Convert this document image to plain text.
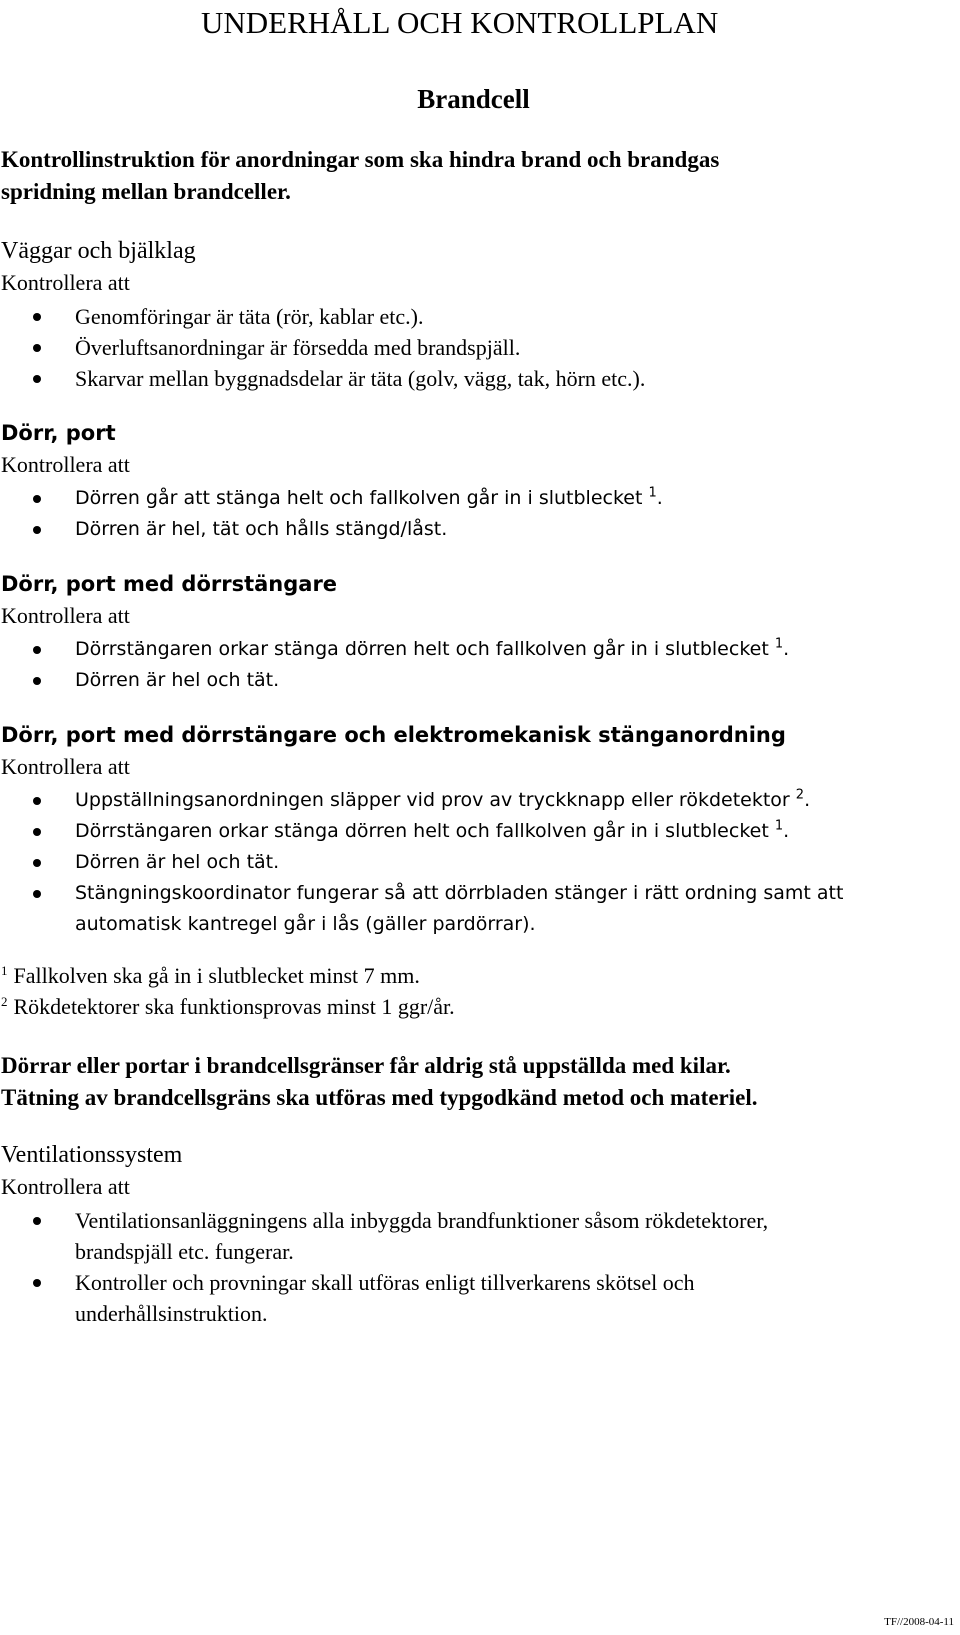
UNDERHÅLL OCH KONTROLLPLAN
Brandcell
Kontrollinstruktion för anordningar som ska hindra brand och brandgas
spridning mellan brandceller.
Väggar och bjälklag
Kontrollera att
Genomföringar är täta (rör, kablar etc.).
Överluftsanordningar är försedda med brandspjäll.
Skarvar mellan byggnadsdelar är täta (golv, vägg, tak, hörn etc.).
Dörr, port
Kontrollera att
Dörren går att stänga helt och fallkolven går in i slutblecket $^1$.
Dörren är hel, tät och hålls stängd/låst.
Dörr, port med dörrstängare
Kontrollera att
Dörrstängaren orkar stänga dörren helt och fallkolven går in i slutblecket $^1$.
Dörren är hel och tät.
Dörr, port med dörrstängare och elektromekanisk stänganordning
Kontrollera att
Uppställningsanordningen släpper vid prov av tryckknapp eller rökdetektor $^2$.
Dörrstängaren orkar stänga dörren helt och fallkolven går in i slutblecket $^1$.
Dörren är hel och tät.
Stängningskoordinator fungerar så att dörrbladen stänger i rätt ordning samt att
automatisk kantregel går i lås (gäller pardörrar).
$^1$ Fallkolven ska gå in i slutblecket minst 7 mm.
$^2$ Rökdetektorer ska funktionsprovas minst 1 ggr/år.
Dörrar eller portar i brandcellsgränser får aldrig stå uppställda med kilar.
Tätning av brandcellsgräns ska utföras med typgodkänd metod och materiel.
Ventilationssystem
Kontrollera att
Ventilationsanläggningens alla inbyggda brandfunktioner såsom rökdetektorer,
brandspjäll etc. fungerar.
Kontroller och provningar skall utföras enligt tillverkarens skötsel och
underhållsinstruktion.
TF//2008-04-11
